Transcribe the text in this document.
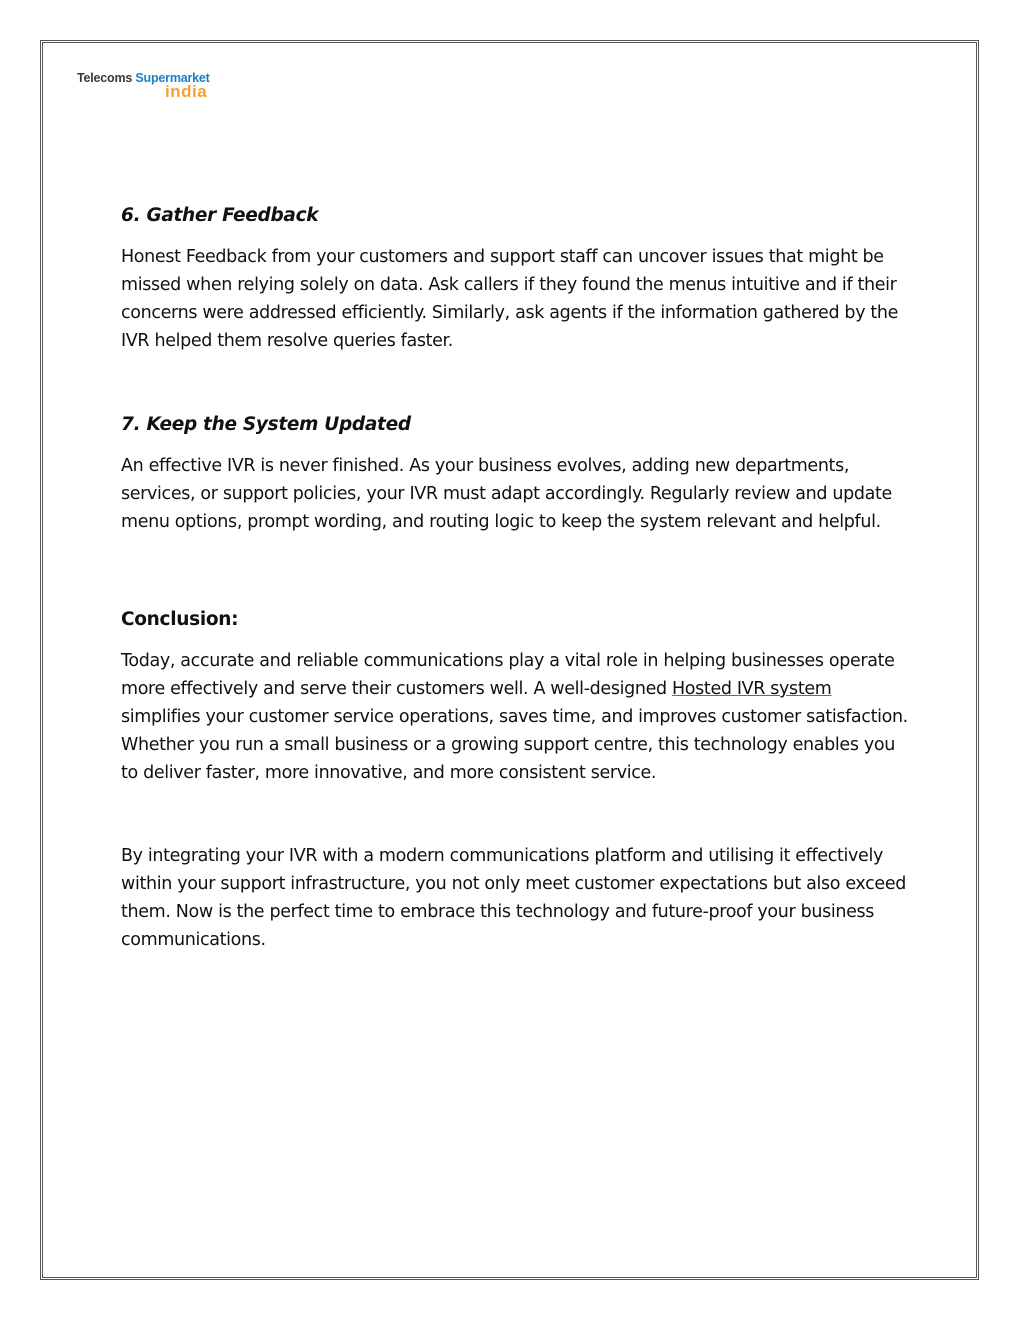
Telecoms Supermarket
india
6. Gather Feedback

Honest Feedback from your customers and support staff can uncover issues that might be missed when relying solely on data. Ask callers if they found the menus intuitive and if their concerns were addressed efficiently. Similarly, ask agents if the information gathered by the IVR helped them resolve queries faster.

7. Keep the System Updated

An effective IVR is never finished. As your business evolves, adding new departments, services, or support policies, your IVR must adapt accordingly. Regularly review and update menu options, prompt wording, and routing logic to keep the system relevant and helpful.

Conclusion:

Today, accurate and reliable communications play a vital role in helping businesses operate more effectively and serve their customers well. A well-designed Hosted IVR system simplifies your customer service operations, saves time, and improves customer satisfaction. Whether you run a small business or a growing support centre, this technology enables you to deliver faster, more innovative, and more consistent service.

By integrating your IVR with a modern communications platform and utilising it effectively within your support infrastructure, you not only meet customer expectations but also exceed them. Now is the perfect time to embrace this technology and future-proof your business communications.
